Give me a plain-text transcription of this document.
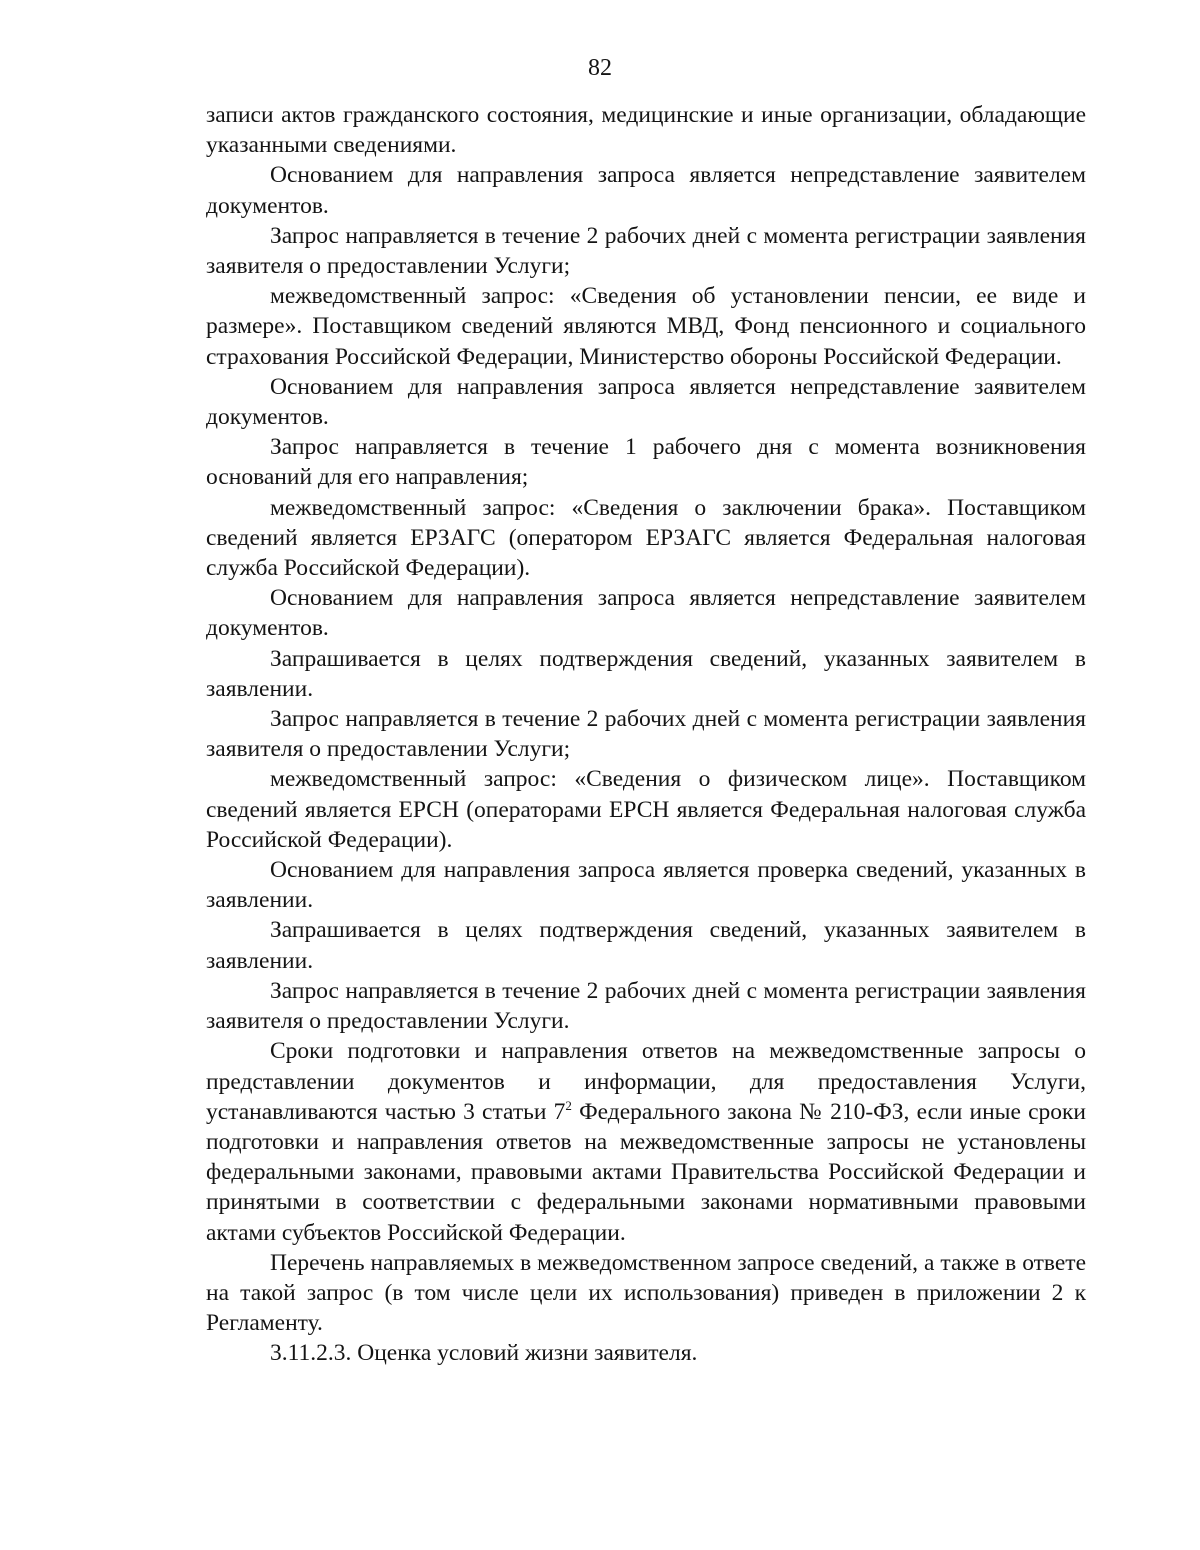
82

записи актов гражданского состояния, медицинские и иные организации, обладающие указанными сведениями.

Основанием для направления запроса является непредставление заявителем документов.

Запрос направляется в течение 2 рабочих дней с момента регистрации заявления заявителя о предоставлении Услуги;

межведомственный запрос: «Сведения об установлении пенсии, ее виде и размере». Поставщиком сведений являются МВД, Фонд пенсионного и социального страхования Российской Федерации, Министерство обороны Российской Федерации.

Основанием для направления запроса является непредставление заявителем документов.

Запрос направляется в течение 1 рабочего дня с момента возникновения оснований для его направления;

межведомственный запрос: «Сведения о заключении брака». Поставщиком сведений является ЕРЗАГС (оператором ЕРЗАГС является Федеральная налоговая служба Российской Федерации).

Основанием для направления запроса является непредставление заявителем документов.

Запрашивается в целях подтверждения сведений, указанных заявителем в заявлении.

Запрос направляется в течение 2 рабочих дней с момента регистрации заявления заявителя о предоставлении Услуги;

межведомственный запрос: «Сведения о физическом лице». Поставщиком сведений является ЕРСН (операторами ЕРСН является Федеральная налоговая служба Российской Федерации).

Основанием для направления запроса является проверка сведений, указанных в заявлении.

Запрашивается в целях подтверждения сведений, указанных заявителем в заявлении.

Запрос направляется в течение 2 рабочих дней с момента регистрации заявления заявителя о предоставлении Услуги.

Сроки подготовки и направления ответов на межведомственные запросы о представлении документов и информации, для предоставления Услуги, устанавливаются частью 3 статьи $7^2$ Федерального закона № 210-ФЗ, если иные сроки подготовки и направления ответов на межведомственные запросы не установлены федеральными законами, правовыми актами Правительства Российской Федерации и принятыми в соответствии с федеральными законами нормативными правовыми актами субъектов Российской Федерации.

Перечень направляемых в межведомственном запросе сведений, а также в ответе на такой запрос (в том числе цели их использования) приведен в приложении 2 к Регламенту.

3.11.2.3. Оценка условий жизни заявителя.
